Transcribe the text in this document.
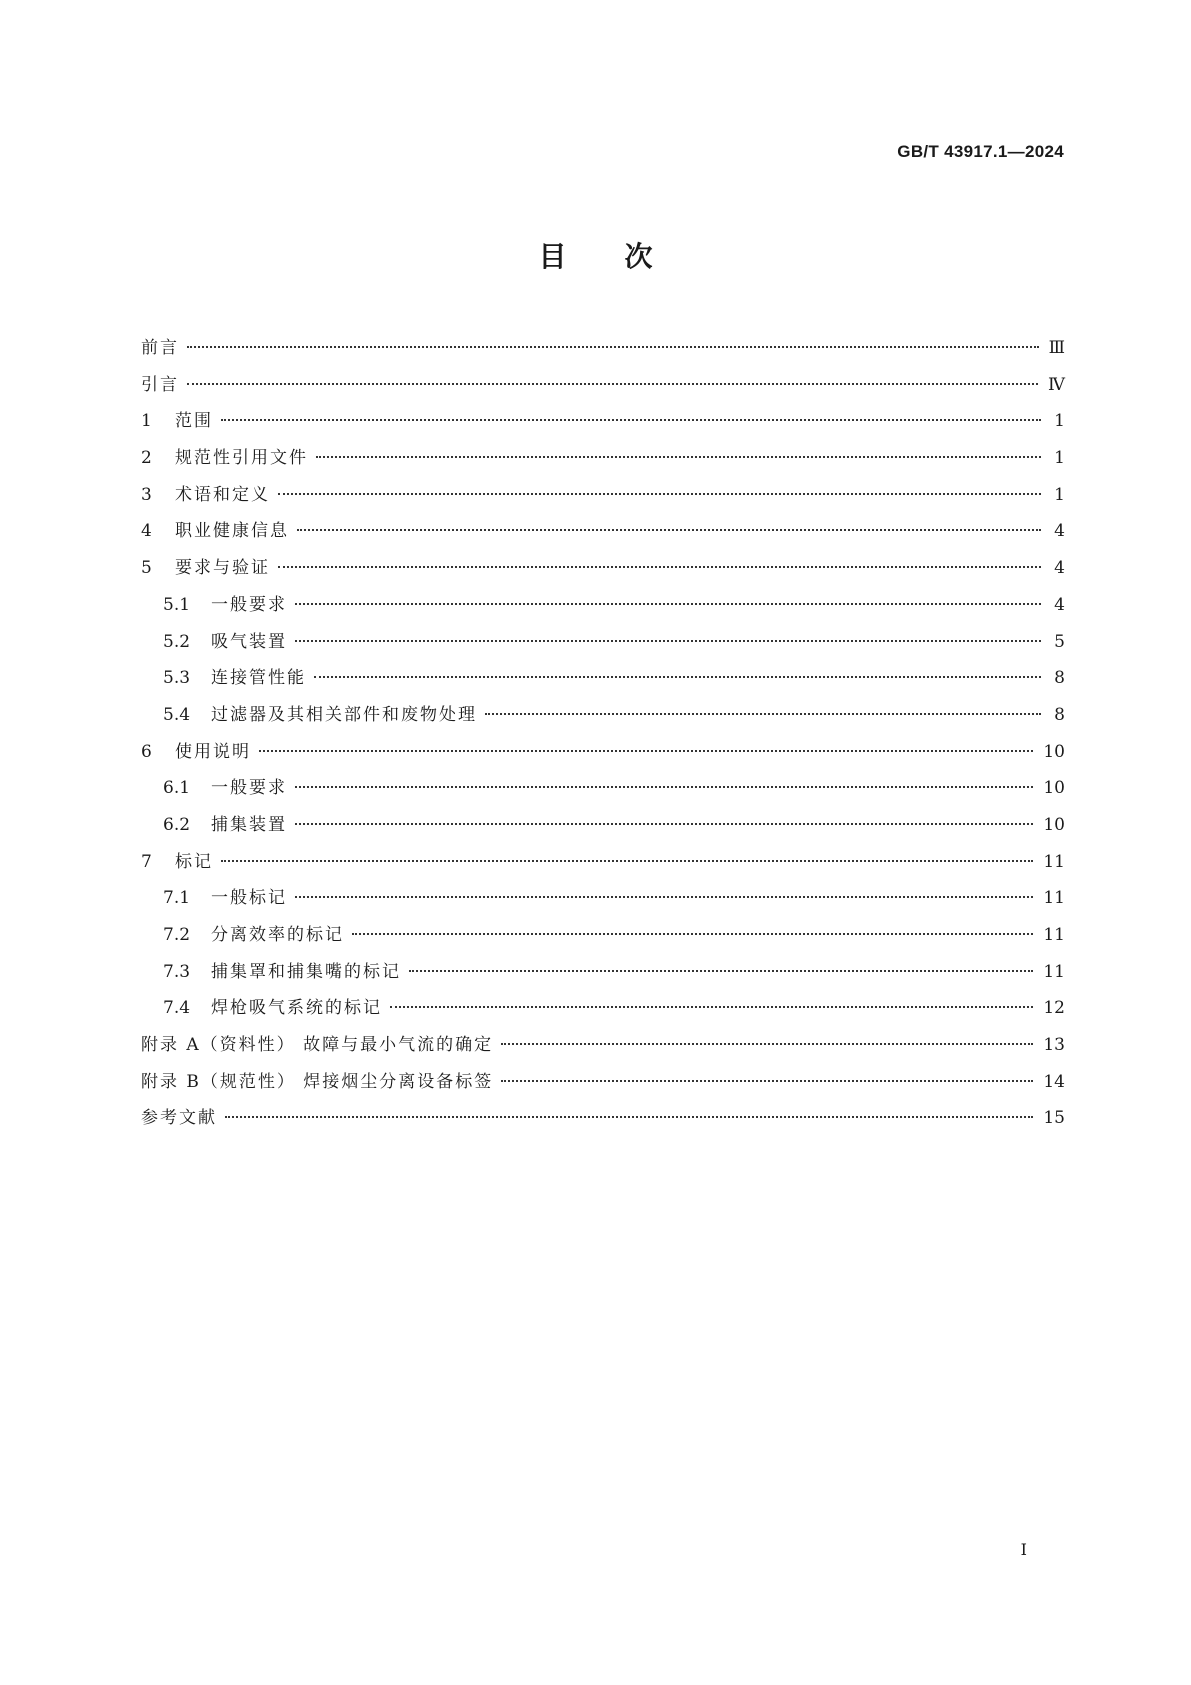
GB/T 43917.1—2024
目次
前言	Ⅲ
引言	Ⅳ
1	范围	1
2	规范性引用文件	1
3	术语和定义	1
4	职业健康信息	4
5	要求与验证	4
5.1	一般要求	4
5.2	吸气装置	5
5.3	连接管性能	8
5.4	过滤器及其相关部件和废物处理	8
6	使用说明	10
6.1	一般要求	10
6.2	捕集装置	10
7	标记	11
7.1	一般标记	11
7.2	分离效率的标记	11
7.3	捕集罩和捕集嘴的标记	11
7.4	焊枪吸气系统的标记	12
附录 A（资料性） 故障与最小气流的确定	13
附录 B（规范性） 焊接烟尘分离设备标签	14
参考文献	15
Ⅰ
